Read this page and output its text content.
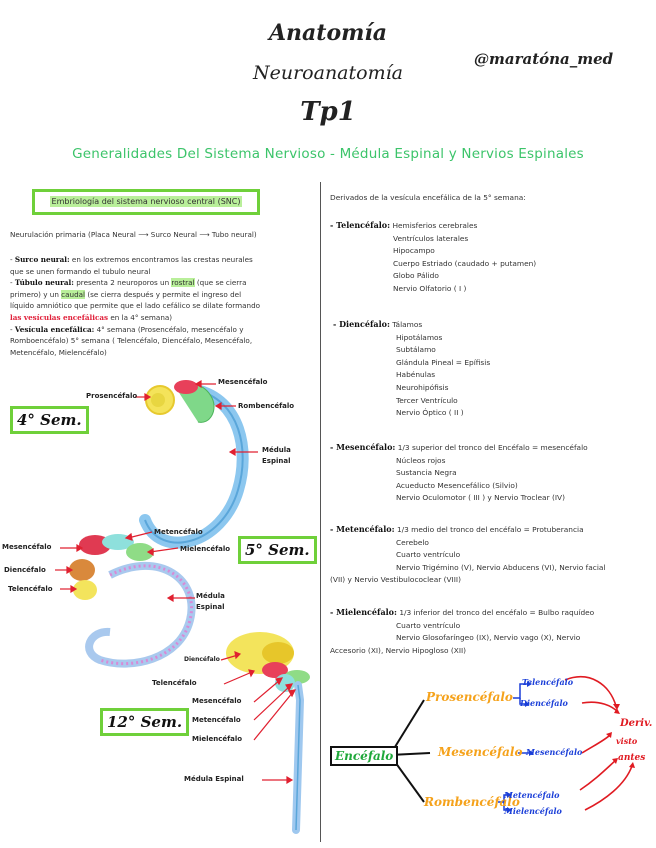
Anatomía
@maratóna_med
Neuroanatomía
Tp1
Generalidades Del Sistema Nervioso - Médula Espinal y Nervios Espinales
Embriología del sistema nervioso central (SNC)
Neurulación primaria (Placa Neural ⟶ Surco Neural ⟶ Tubo neural)
- Surco neural: en los extremos encontramos las crestas neurales
que se unen formando el tubulo neural
- Túbulo neural: presenta 2 neuroporos un rostral (que se cierra
primero) y un caudal (se cierra después y permite el ingreso del
líquido amniótico que permite que el lado cefálico se dilate formando
las vesículas encefálicas en la 4° semana)
- Vesícula encefálica: 4° semana (Prosencéfalo, mesencéfalo y
Romboencéfalo) 5° semana ( Telencéfalo, Diencéfalo, Mesencéfalo,
Metencéfalo, Mielencéfalo)
Mesencéfalo
Prosencéfalo
Rombencéfalo
Médula
Espinal
4° Sem.
Metencéfalo
Mesencéfalo	Mielencéfalo
Diencéfalo
Telencéfalo
Médula
Espinal
5° Sem.
Diencéfalo
Telencéfalo
Mesencéfalo
Metencéfalo
Mielencéfalo
Médula Espinal
12° Sem.
Derivados de la vesícula encefálica de la 5° semana:
- Telencéfalo: Hemisferios cerebrales
Ventrículos laterales
Hipocampo
Cuerpo Estriado (caudado + putamen)
Globo Pálido
Nervio Olfatorio ( I )
- Diencéfalo: Tálamos
Hipotálamos
Subtálamo
Glándula Pineal = Epífisis
Habénulas
Neurohipófisis
Tercer Ventrículo
Nervio Óptico ( II )
- Mesencéfalo: 1/3 superior del tronco del Encéfalo = mesencéfalo
Núcleos rojos
Sustancia Negra
Acueducto Mesencefálico (Silvio)
Nervio Oculomotor ( III ) y Nervio Troclear (IV)
- Metencéfalo: 1/3 medio del tronco del encéfalo = Protuberancia
Cerebelo
Cuarto ventrículo
Nervio Trigémino (V), Nervio Abducens (VI), Nervio facial
(VII) y Nervio Vestibulococlear (VIII)
- Mielencéfalo: 1/3 inferior del tronco del encéfalo = Bulbo raquídeo
Cuarto ventrículo
Nervio Glosofaríngeo (IX), Nervio vago (X), Nervio
Accesorio (XI), Nervio Hipogloso (XII)
Encéfalo
Prosencéfalo
Mesencéfalo
Rombencéfalo
Telencéfalo
Diencéfalo
Mesencéfalo
Metencéfalo
Mielencéfalo
Deriv.
visto
antes
